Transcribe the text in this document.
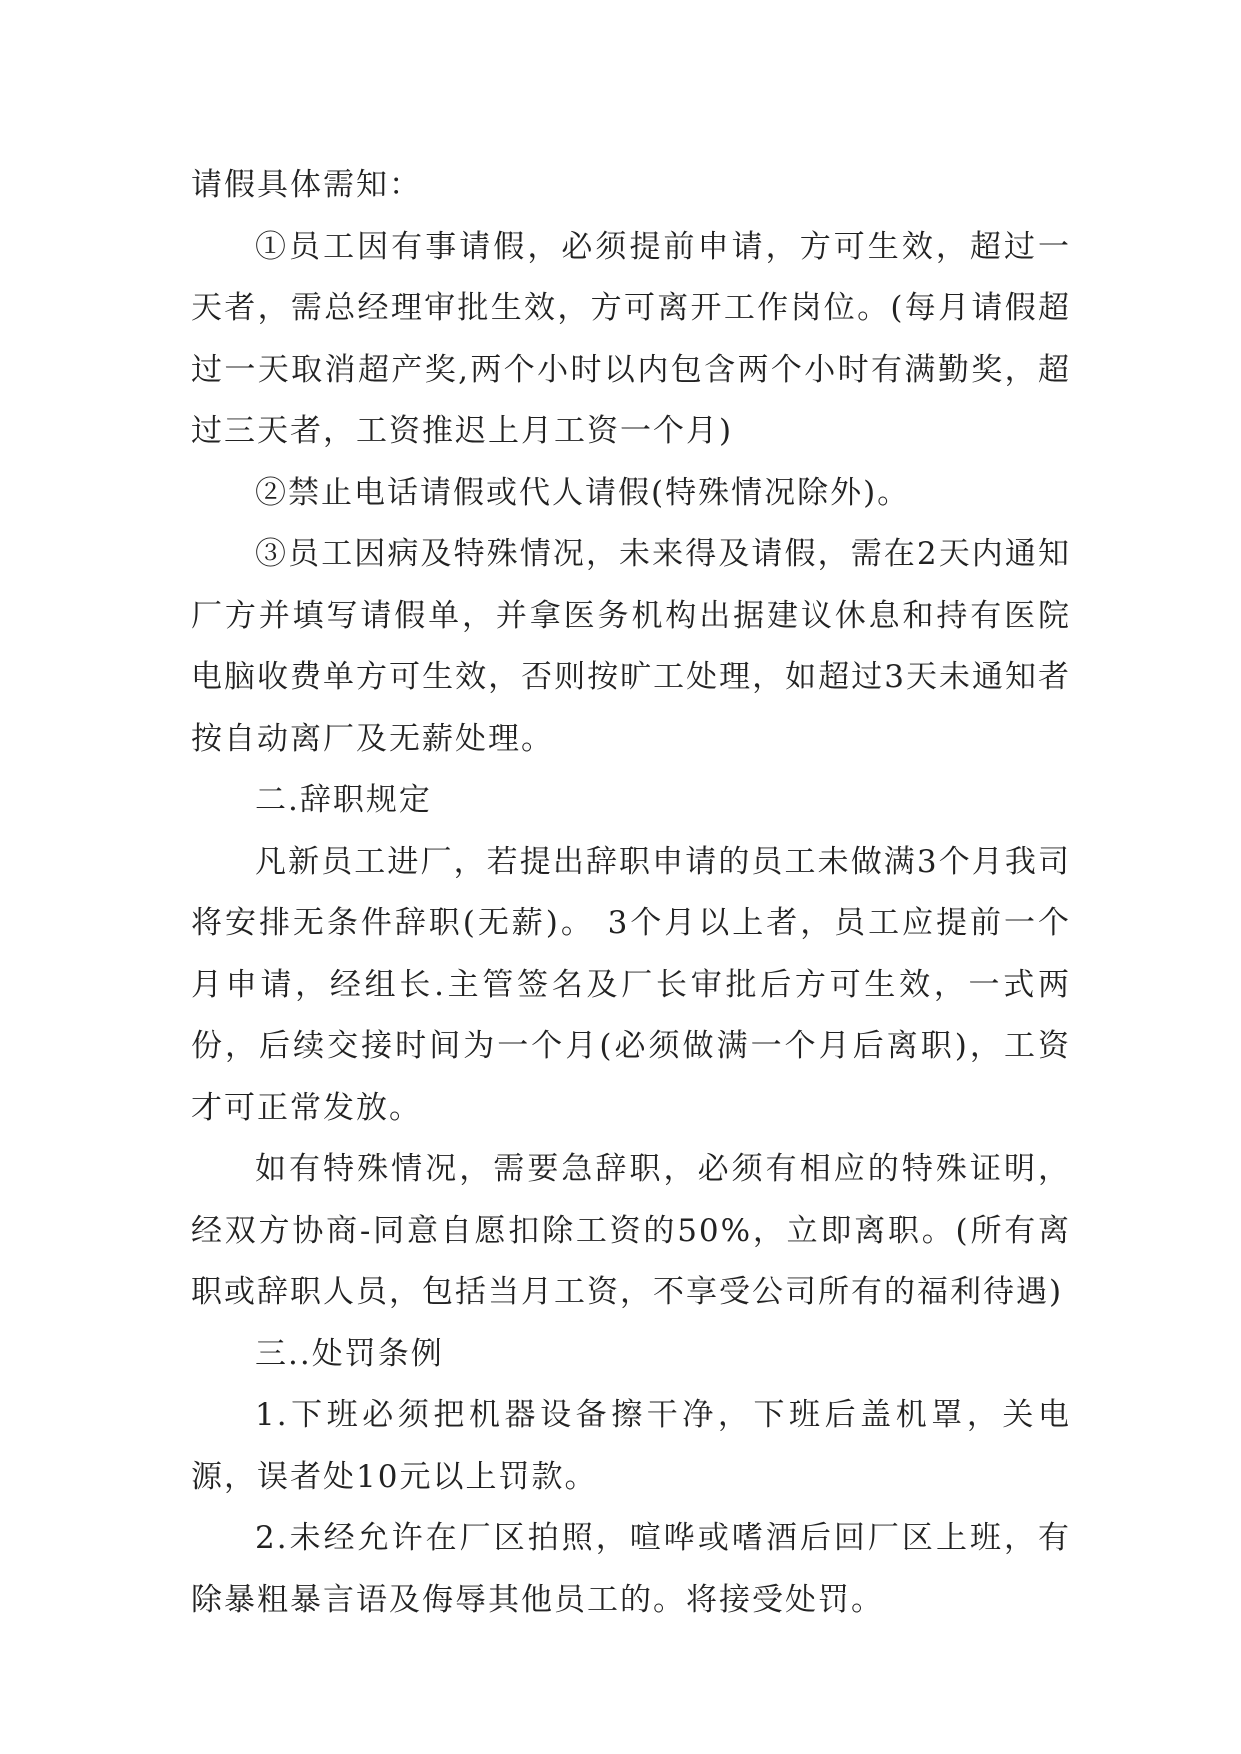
请假具体需知：

①员工因有事请假，必须提前申请，方可生效，超过一天者，需总经理审批生效，方可离开工作岗位。(每月请假超过一天取消超产奖,两个小时以内包含两个小时有满勤奖，超过三天者，工资推迟上月工资一个月)

②禁止电话请假或代人请假(特殊情况除外)。

③员工因病及特殊情况，未来得及请假，需在2天内通知厂方并填写请假单，并拿医务机构出据建议休息和持有医院电脑收费单方可生效，否则按旷工处理，如超过3天未通知者按自动离厂及无薪处理。

二.辞职规定

凡新员工进厂，若提出辞职申请的员工未做满3个月我司将安排无条件辞职(无薪)。 3个月以上者，员工应提前一个月申请，经组长.主管签名及厂长审批后方可生效，一式两份，后续交接时间为一个月(必须做满一个月后离职)，工资才可正常发放。

如有特殊情况，需要急辞职，必须有相应的特殊证明，经双方协商-同意自愿扣除工资的50%，立即离职。(所有离职或辞职人员，包括当月工资，不享受公司所有的福利待遇)

三..处罚条例

1.下班必须把机器设备擦干净，下班后盖机罩，关电源，误者处10元以上罚款。

2.未经允许在厂区拍照，喧哗或嗜酒后回厂区上班，有除暴粗暴言语及侮辱其他员工的。将接受处罚。
